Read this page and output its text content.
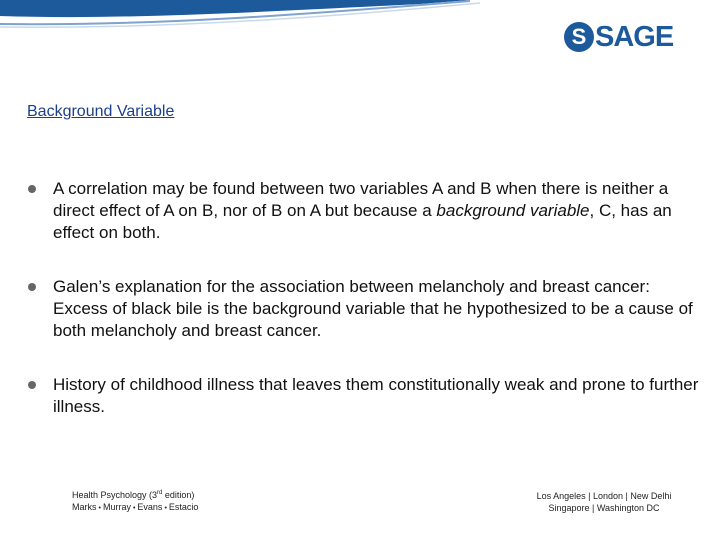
S SAGE
Background Variable
A correlation may be found between two variables A and B when there is neither a direct effect of A on B, nor of B on A but because a background variable, C, has an effect on both.
Galen’s explanation for the association between melancholy and breast cancer: Excess of black bile is the background variable that he hypothesized to be a cause of both melancholy and breast cancer.
History of childhood illness that leaves them constitutionally weak and prone to further illness.
Health Psychology (3rd edition)
Marks • Murray • Evans • Estacio
Los Angeles | London | New Delhi
Singapore | Washington DC
